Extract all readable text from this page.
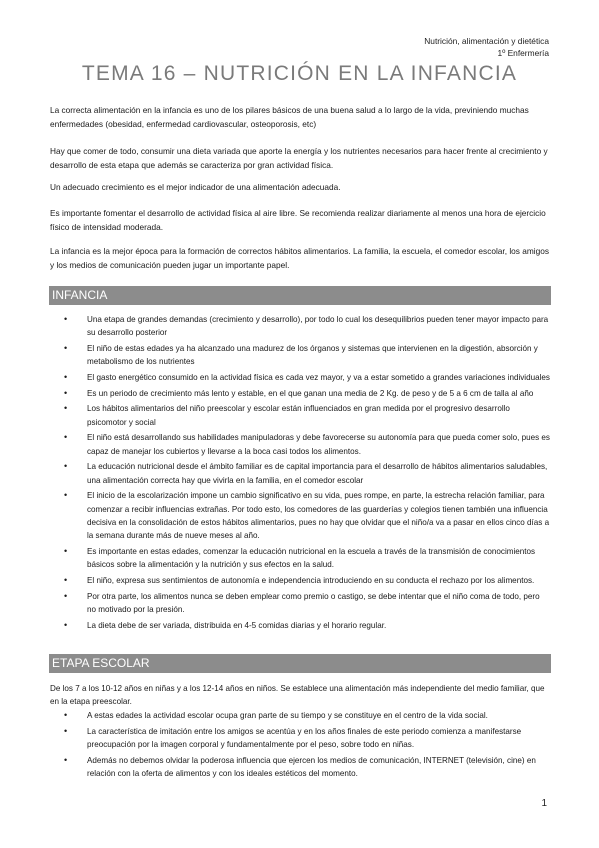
Nutrición, alimentación y dietética
1º Enfermería
TEMA 16 – NUTRICIÓN EN LA INFANCIA
La correcta alimentación en la infancia es uno de los pilares básicos de una buena salud a lo largo de la vida, previniendo muchas enfermedades (obesidad, enfermedad cardiovascular, osteoporosis, etc)
Hay que comer de todo, consumir una dieta variada que aporte la energía y los nutrientes necesarios para hacer frente al crecimiento y desarrollo de esta etapa que además se caracteriza por gran actividad física.
Un adecuado crecimiento es el mejor indicador de una alimentación adecuada.
Es importante fomentar el desarrollo de actividad física al aire libre. Se recomienda realizar diariamente al menos una hora de ejercicio físico de intensidad moderada.
La infancia es la mejor época para la formación de correctos hábitos alimentarios. La familia, la escuela, el comedor escolar, los amigos y los medios de comunicación pueden jugar un importante papel.
INFANCIA
• Una etapa de grandes demandas (crecimiento y desarrollo), por todo lo cual los desequilibrios pueden tener mayor impacto para su desarrollo posterior
• El niño de estas edades ya ha alcanzado una madurez de los órganos y sistemas que intervienen en la digestión, absorción y metabolismo de los nutrientes
• El gasto energético consumido en la actividad física es cada vez mayor, y va a estar sometido a grandes variaciones individuales
• Es un periodo de crecimiento más lento y estable, en el que ganan una media de 2 Kg. de peso y de 5 a 6 cm de talla al año
• Los hábitos alimentarios del niño preescolar y escolar están influenciados en gran medida por el progresivo desarrollo psicomotor y social
• El niño está desarrollando sus habilidades manipuladoras y debe favorecerse su autonomía para que pueda comer solo, pues es capaz de manejar los cubiertos y llevarse a la boca casi todos los alimentos.
• La educación nutricional desde el ámbito familiar es de capital importancia para el desarrollo de hábitos alimentarios saludables, una alimentación correcta hay que vivirla en la familia, en el comedor escolar
• El inicio de la escolarización impone un cambio significativo en su vida, pues rompe, en parte, la estrecha relación familiar, para comenzar a recibir influencias extrañas. Por todo esto, los comedores de las guarderías y colegios tienen también una influencia decisiva en la consolidación de estos hábitos alimentarios, pues no hay que olvidar que el niño/a va a pasar en ellos cinco días a la semana durante más de nueve meses al año.
• Es importante en estas edades, comenzar la educación nutricional en la escuela a través de la transmisión de conocimientos básicos sobre la alimentación y la nutrición y sus efectos en la salud.
• El niño, expresa sus sentimientos de autonomía e independencia introduciendo en su conducta el rechazo por los alimentos.
• Por otra parte, los alimentos nunca se deben emplear como premio o castigo, se debe intentar que el niño coma de todo, pero no motivado por la presión.
• La dieta debe de ser variada, distribuida en 4-5 comidas diarias y el horario regular.
ETAPA ESCOLAR
De los 7 a los 10-12 años en niñas y a los 12-14 años en niños. Se establece una alimentación más independiente del medio familiar, que en la etapa preescolar.
• A estas edades la actividad escolar ocupa gran parte de su tiempo y se constituye en el centro de la vida social.
• La característica de imitación entre los amigos se acentúa y en los años finales de este periodo comienza a manifestarse preocupación por la imagen corporal y fundamentalmente por el peso, sobre todo en niñas.
• Además no debemos olvidar la poderosa influencia que ejercen los medios de comunicación, INTERNET (televisión, cine) en relación con la oferta de alimentos y con los ideales estéticos del momento.
1
